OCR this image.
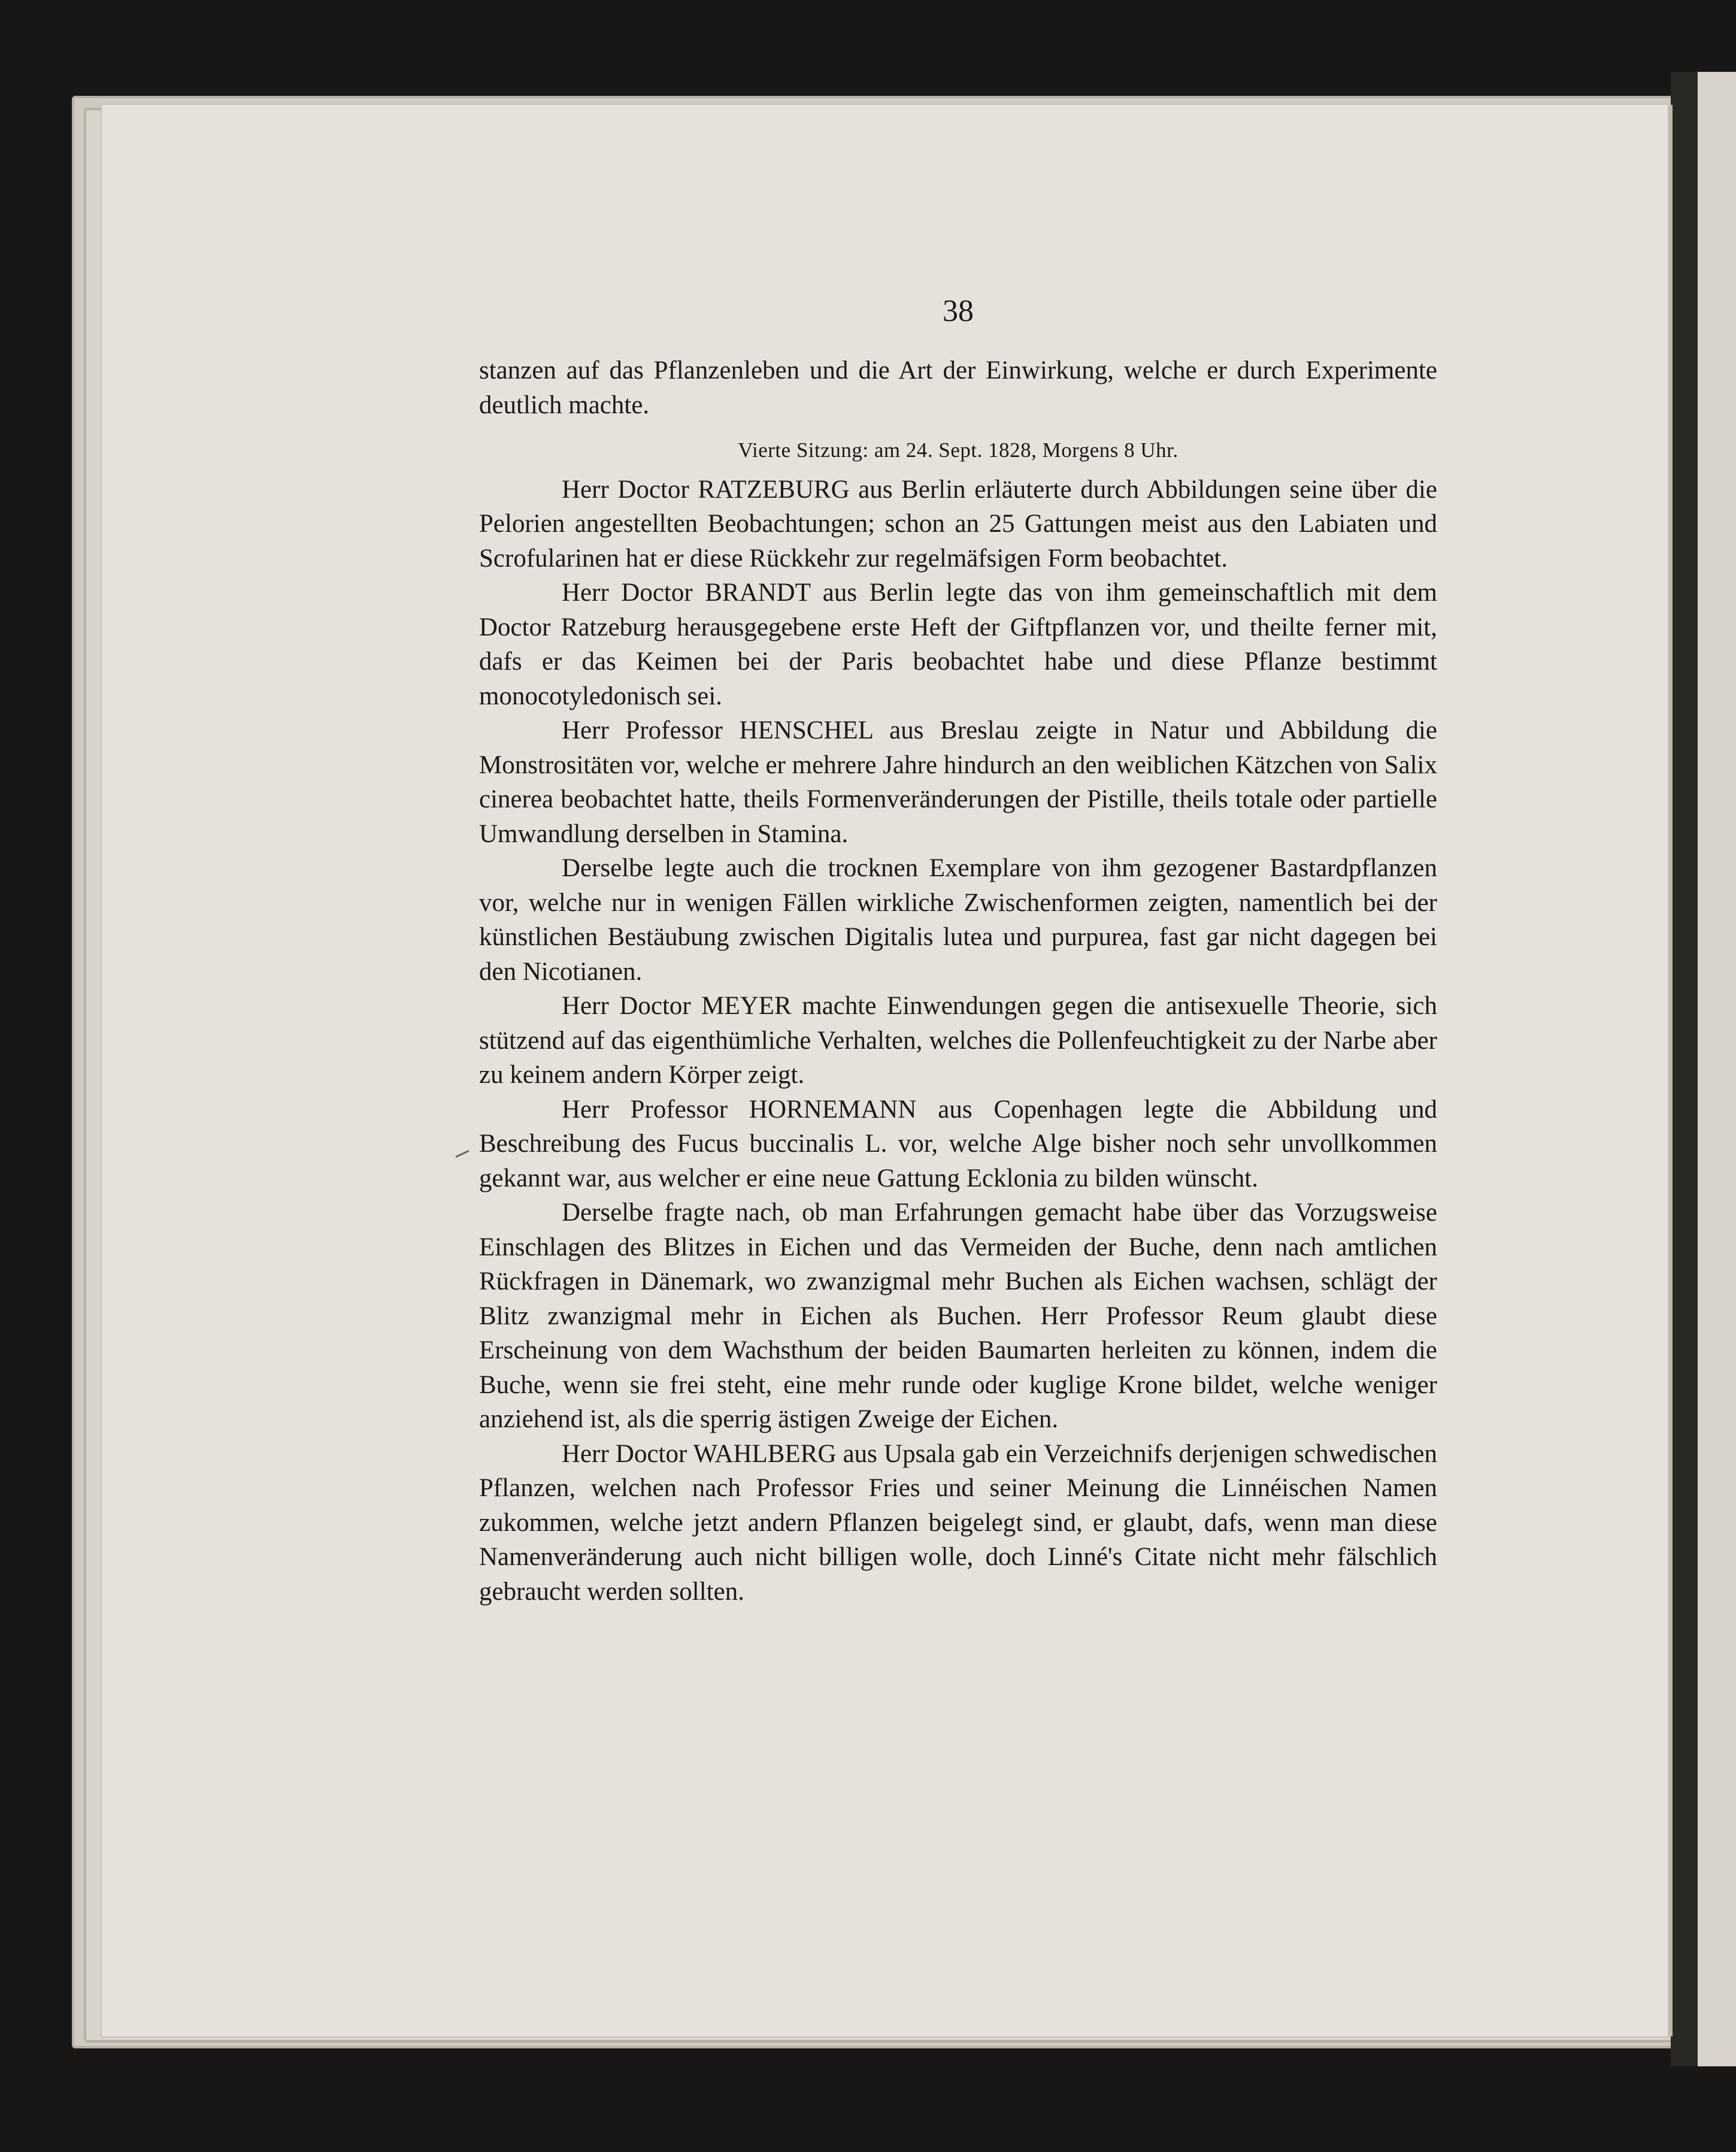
38

stanzen auf das Pflanzenleben und die Art der Einwirkung, welche er durch Experimente deutlich machte.

Vierte Sitzung: am 24. Sept. 1828, Morgens 8 Uhr.

Herr Doctor RATZEBURG aus Berlin erläuterte durch Abbildungen seine über die Pelorien angestellten Beobachtungen; schon an 25 Gattungen meist aus den Labiaten und Scrofularinen hat er diese Rückkehr zur regelmäfsigen Form beobachtet.

Herr Doctor BRANDT aus Berlin legte das von ihm gemeinschaftlich mit dem Doctor Ratzeburg herausgegebene erste Heft der Giftpflanzen vor, und theilte ferner mit, dafs er das Keimen bei der Paris beobachtet habe und diese Pflanze bestimmt monocotyledonisch sei.

Herr Professor HENSCHEL aus Breslau zeigte in Natur und Abbildung die Monstrositäten vor, welche er mehrere Jahre hindurch an den weiblichen Kätzchen von Salix cinerea beobachtet hatte, theils Formenveränderungen der Pistille, theils totale oder partielle Umwandlung derselben in Stamina.

Derselbe legte auch die trocknen Exemplare von ihm gezogener Bastardpflanzen vor, welche nur in wenigen Fällen wirkliche Zwischenformen zeigten, namentlich bei der künstlichen Bestäubung zwischen Digitalis lutea und purpurea, fast gar nicht dagegen bei den Nicotianen.

Herr Doctor MEYER machte Einwendungen gegen die antisexuelle Theorie, sich stützend auf das eigenthümliche Verhalten, welches die Pollenfeuchtigkeit zu der Narbe aber zu keinem andern Körper zeigt.

Herr Professor HORNEMANN aus Copenhagen legte die Abbildung und Beschreibung des Fucus buccinalis L. vor, welche Alge bisher noch sehr unvollkommen gekannt war, aus welcher er eine neue Gattung Ecklonia zu bilden wünscht.

Derselbe fragte nach, ob man Erfahrungen gemacht habe über das Vorzugsweise Einschlagen des Blitzes in Eichen und das Vermeiden der Buche, denn nach amtlichen Rückfragen in Dänemark, wo zwanzigmal mehr Buchen als Eichen wachsen, schlägt der Blitz zwanzigmal mehr in Eichen als Buchen. Herr Professor Reum glaubt diese Erscheinung von dem Wachsthum der beiden Baumarten herleiten zu können, indem die Buche, wenn sie frei steht, eine mehr runde oder kuglige Krone bildet, welche weniger anziehend ist, als die sperrig ästigen Zweige der Eichen.

Herr Doctor WAHLBERG aus Upsala gab ein Verzeichnifs derjenigen schwedischen Pflanzen, welchen nach Professor Fries und seiner Meinung die Linnéischen Namen zukommen, welche jetzt andern Pflanzen beigelegt sind, er glaubt, dafs, wenn man diese Namenveränderung auch nicht billigen wolle, doch Linné's Citate nicht mehr fälschlich gebraucht werden sollten.
